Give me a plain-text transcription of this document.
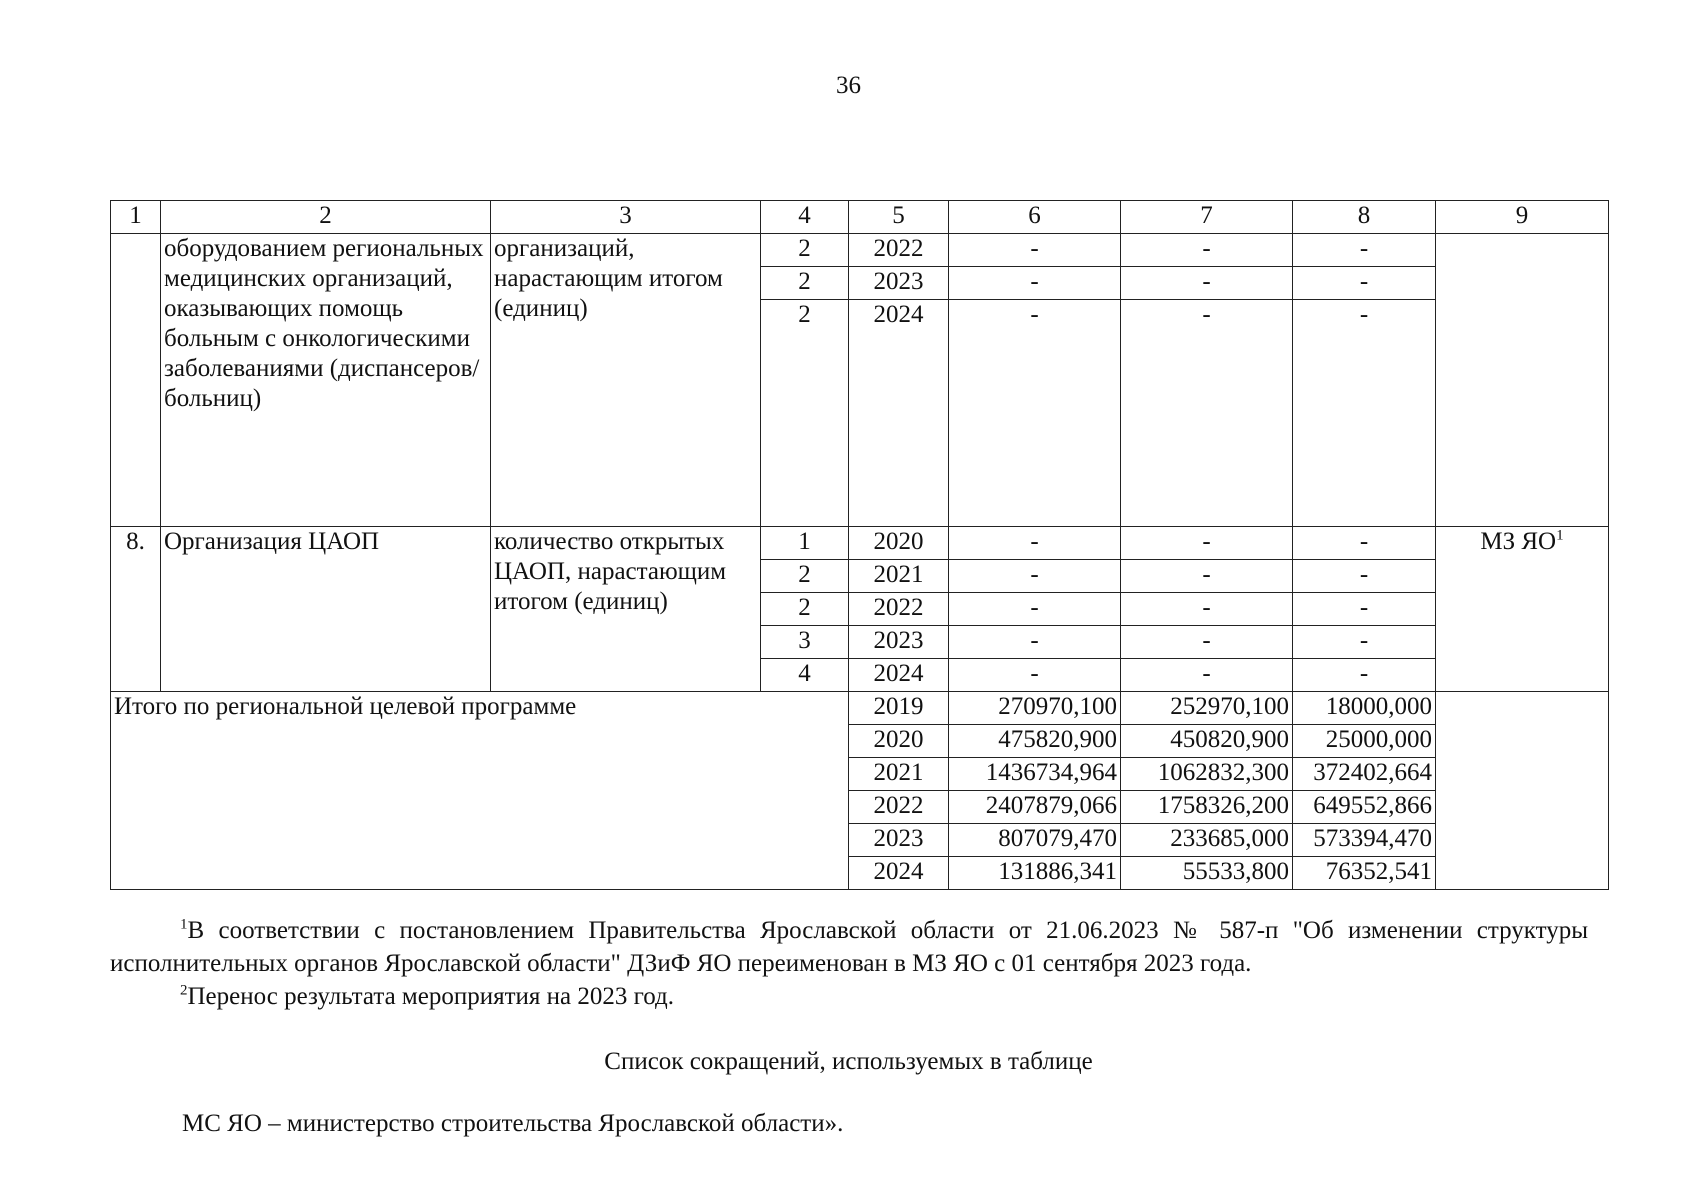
36
1	2	3	4	5	6	7	8	9
	оборудованием региональных медицинских организаций, оказывающих помощь больным с онкологическими заболеваниями (диспансеров/больниц)	организаций, нарастающим итогом (единиц)	2	2022	-	-	-	
			2	2023	-	-	-	
			2	2024	-	-	-	
8.	Организация ЦАОП	количество открытых ЦАОП, нарастающим итогом (единиц)	1	2020	-	-	-	МЗ $ЯО^1$
			2	2021	-	-	-	
			2	2022	-	-	-	
			3	2023	-	-	-	
			4	2024	-	-	-	
Итого по региональной целевой программе				2019	270970,100	252970,100	18000,000	
				2020	475820,900	450820,900	25000,000	
				2021	1436734,964	1062832,300	372402,664	
				2022	2407879,066	1758326,200	649552,866	
				2023	807079,470	233685,000	573394,470	
				2024	131886,341	55533,800	76352,541	
$^1$В соответствии с постановлением Правительства Ярославской области от 21.06.2023 № 587-п "Об изменении структуры исполнительных органов Ярославской области" ДЗиФ ЯО переименован в МЗ ЯО с 01 сентября 2023 года.
$^2$Перенос результата мероприятия на 2023 год.
Список сокращений, используемых в таблице
МС ЯО – министерство строительства Ярославской области».
